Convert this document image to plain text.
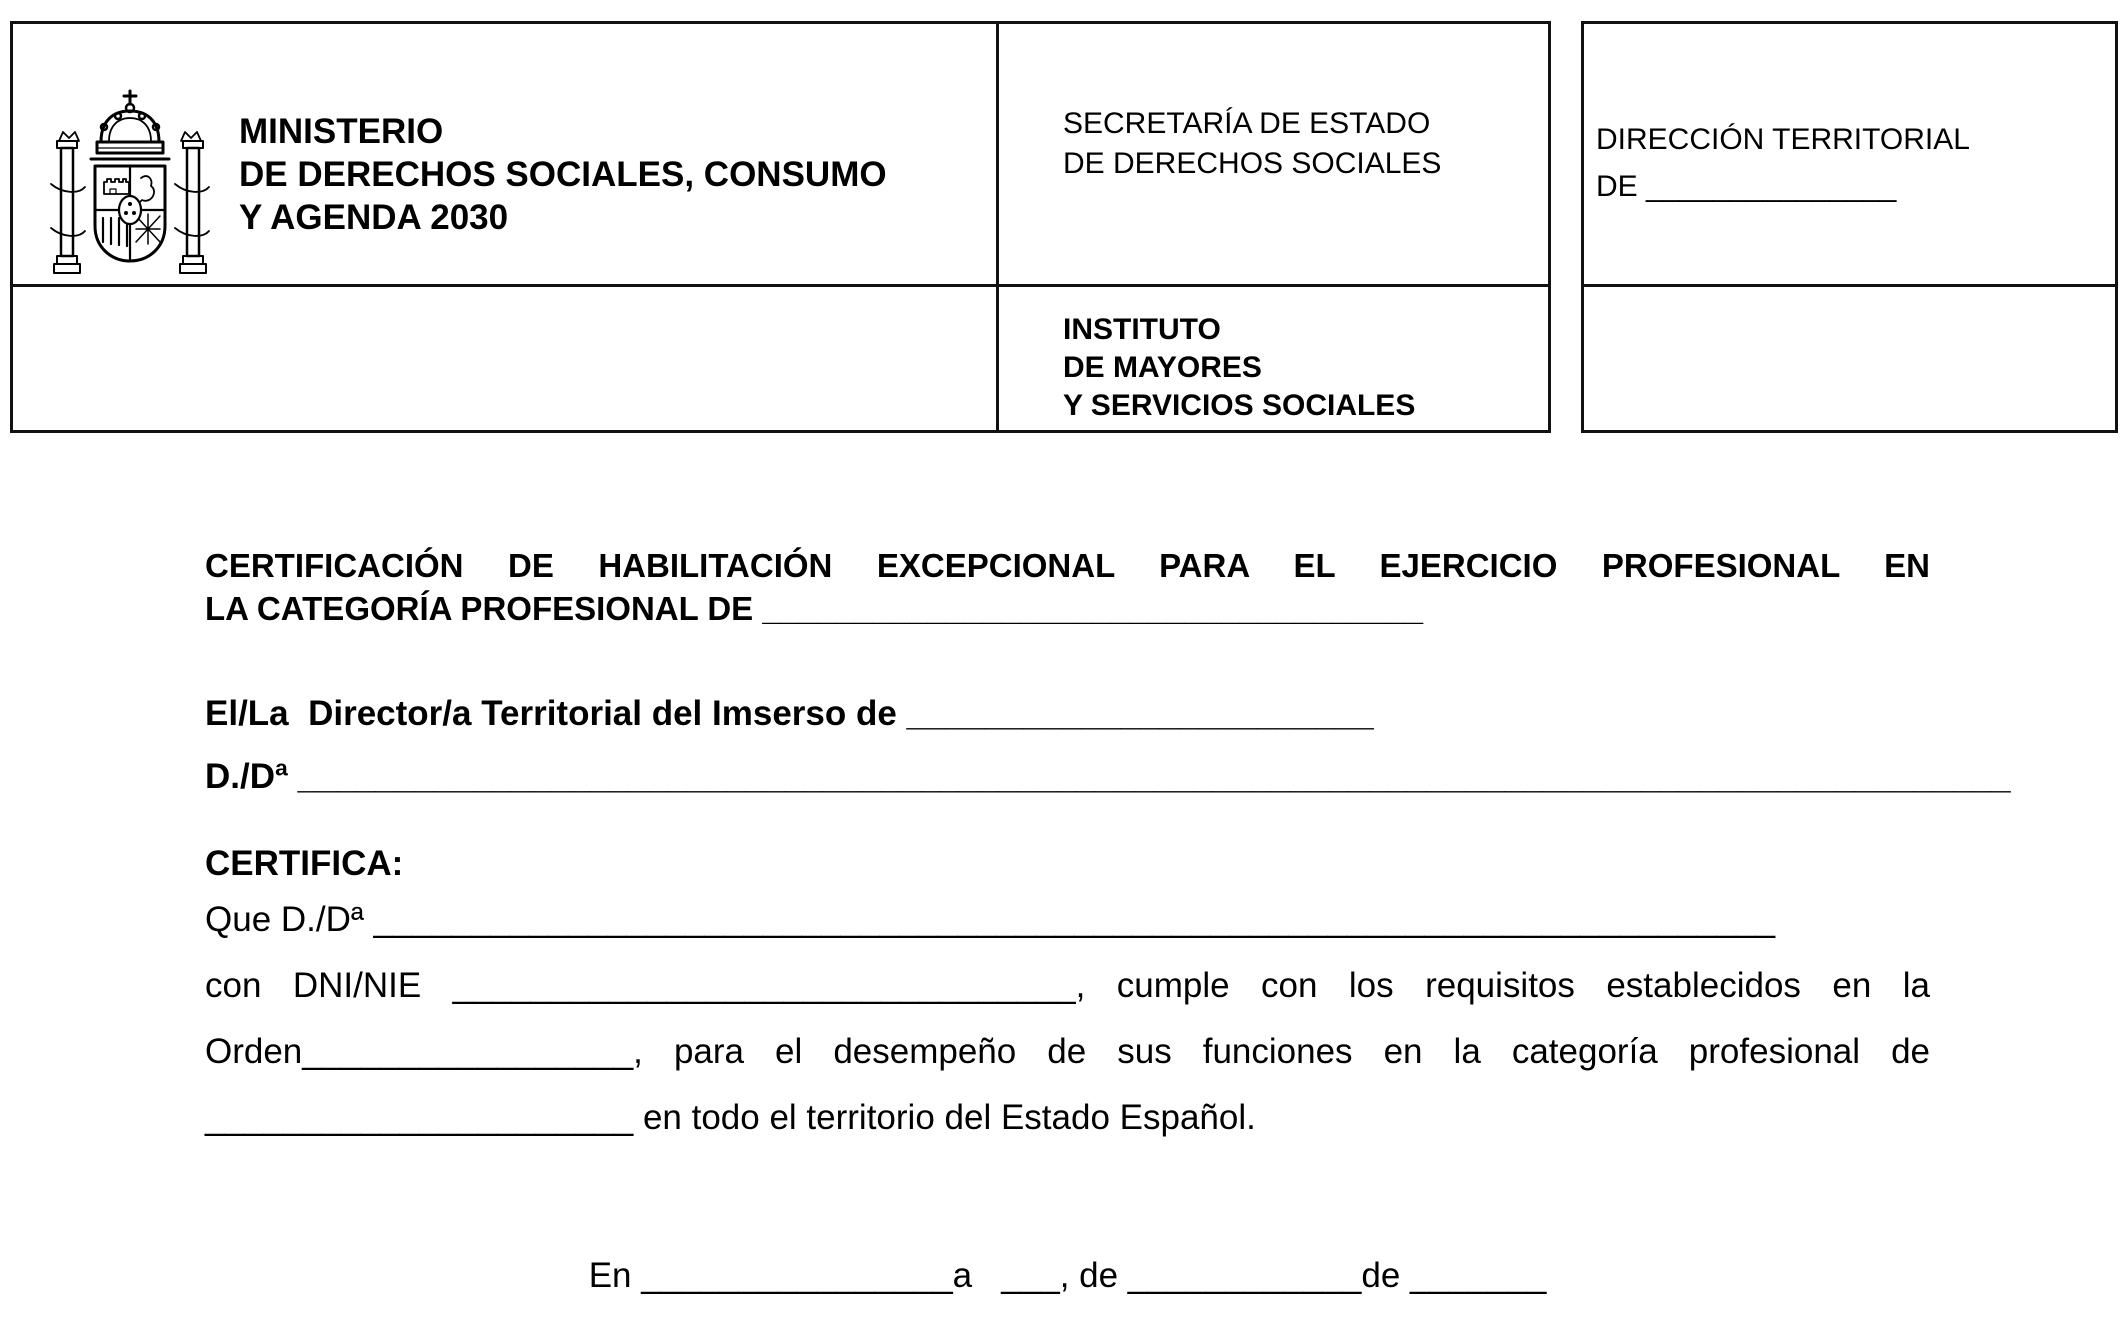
MINISTERIO
DE DERECHOS SOCIALES, CONSUMO
Y AGENDA 2030
SECRETARÍA DE ESTADO
DE DERECHOS SOCIALES
INSTITUTO
DE MAYORES
Y SERVICIOS SOCIALES
DIRECCIÓN TERRITORIAL
DE _______________
CERTIFICACIÓN DE HABILITACIÓN EXCEPCIONAL PARA EL EJERCICIO PROFESIONAL EN
LA CATEGORÍA PROFESIONAL DE ____________________________________
El/La  Director/a Territorial del Imserso de ________________________
D./Dª ________________________________________________________________________________________
CERTIFICA:
Que D./Dª ________________________________________________________________________
con DNI/NIE ________________________________, cumple con los requisitos establecidos en la
Orden_________________, para el desempeño de sus funciones en la categoría profesional de
______________________ en todo el territorio del Estado Español.
En ________________a   ___, de ____________de _______
